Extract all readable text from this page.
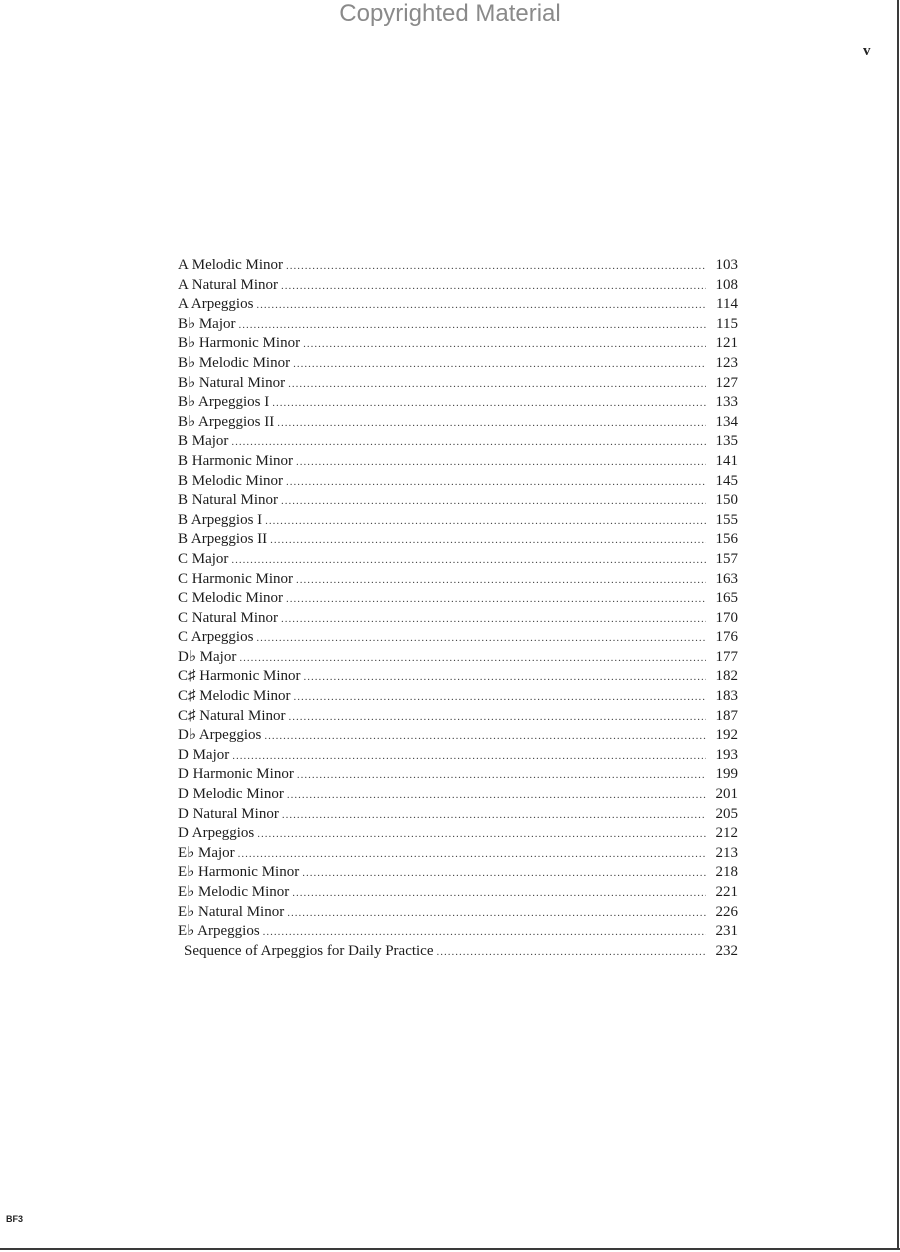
Copyrighted Material
v
A Melodic Minor .....	103
A Natural Minor .....	108
A Arpeggios .....	114
B♭ Major .....	115
B♭ Harmonic Minor .....	121
B♭ Melodic Minor .....	123
B♭ Natural Minor .....	127
B♭ Arpeggios I .....	133
B♭ Arpeggios II .....	134
B Major .....	135
B Harmonic Minor .....	141
B Melodic Minor .....	145
B Natural Minor .....	150
B Arpeggios I .....	155
B Arpeggios II .....	156
C Major .....	157
C Harmonic Minor .....	163
C Melodic Minor .....	165
C Natural Minor .....	170
C Arpeggios .....	176
D♭ Major .....	177
C♯ Harmonic Minor .....	182
C♯ Melodic Minor .....	183
C♯ Natural Minor .....	187
D♭ Arpeggios .....	192
D Major .....	193
D Harmonic Minor .....	199
D Melodic Minor .....	201
D Natural Minor .....	205
D Arpeggios .....	212
E♭ Major .....	213
E♭ Harmonic Minor .....	218
E♭ Melodic Minor .....	221
E♭ Natural Minor .....	226
E♭ Arpeggios .....	231
Sequence of Arpeggios for Daily Practice .....	232
BF3
